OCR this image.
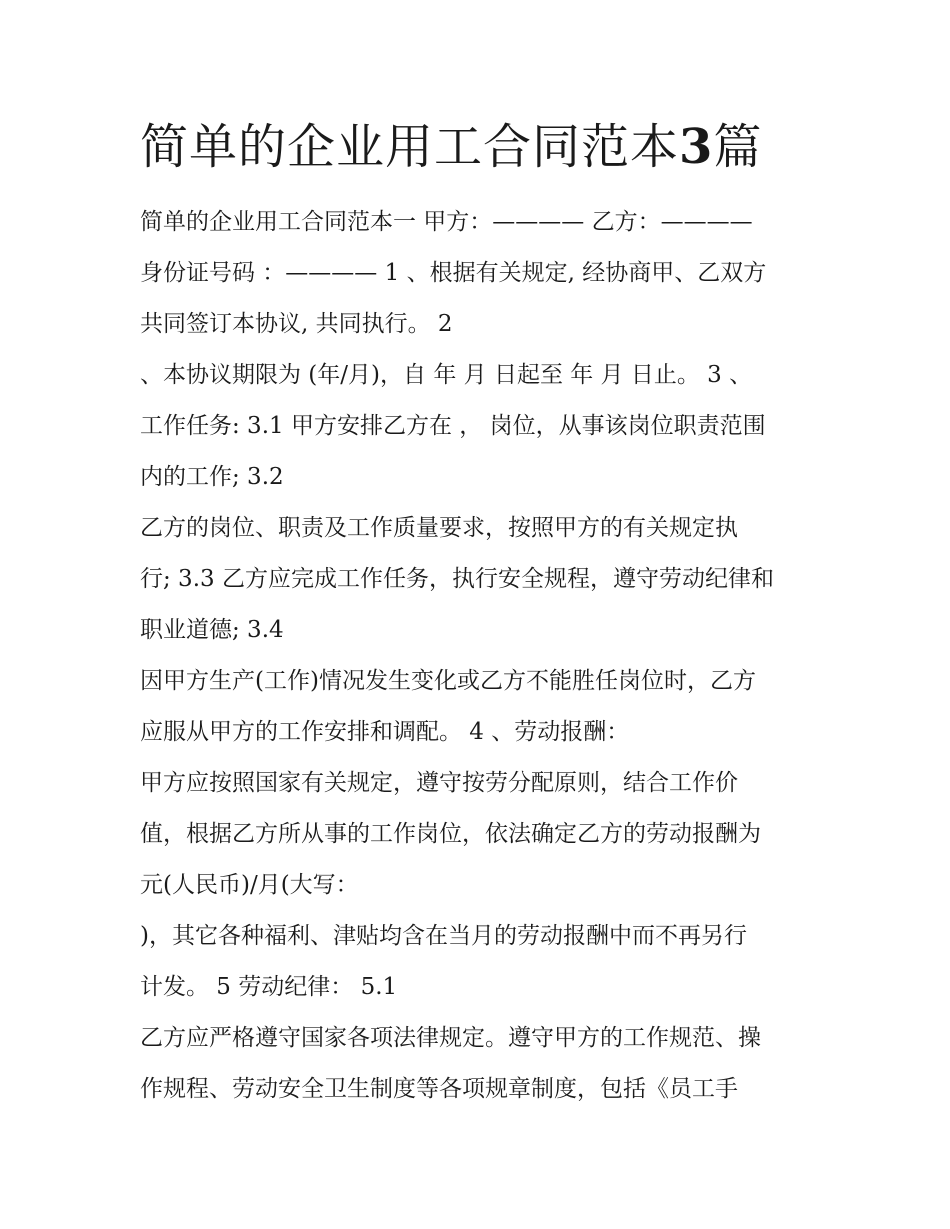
简单的企业用工合同范本3篇
简单的企业用工合同范本一 甲方：———— 乙方：————
身份证号码 ：———— 1 、根据有关规定, 经协商甲、乙双方
共同签订本协议, 共同执行。 2
、本协议期限为 (年/月)，自 年 月 日起至 年 月 日止。 3 、
工作任务: 3.1 甲方安排乙方在 ， 岗位，从事该岗位职责范围
内的工作; 3.2
乙方的岗位、职责及工作质量要求，按照甲方的有关规定执
行; 3.3 乙方应完成工作任务，执行安全规程，遵守劳动纪律和
职业道德; 3.4
因甲方生产(工作)情况发生变化或乙方不能胜任岗位时，乙方
应服从甲方的工作安排和调配。 4 、劳动报酬：
甲方应按照国家有关规定，遵守按劳分配原则，结合工作价
值，根据乙方所从事的工作岗位，依法确定乙方的劳动报酬为
元(人民币)/月(大写：
)，其它各种福利、津贴均含在当月的劳动报酬中而不再另行
计发。 5 劳动纪律： 5.1
乙方应严格遵守国家各项法律规定。遵守甲方的工作规范、操
作规程、劳动安全卫生制度等各项规章制度，包括《员工手
